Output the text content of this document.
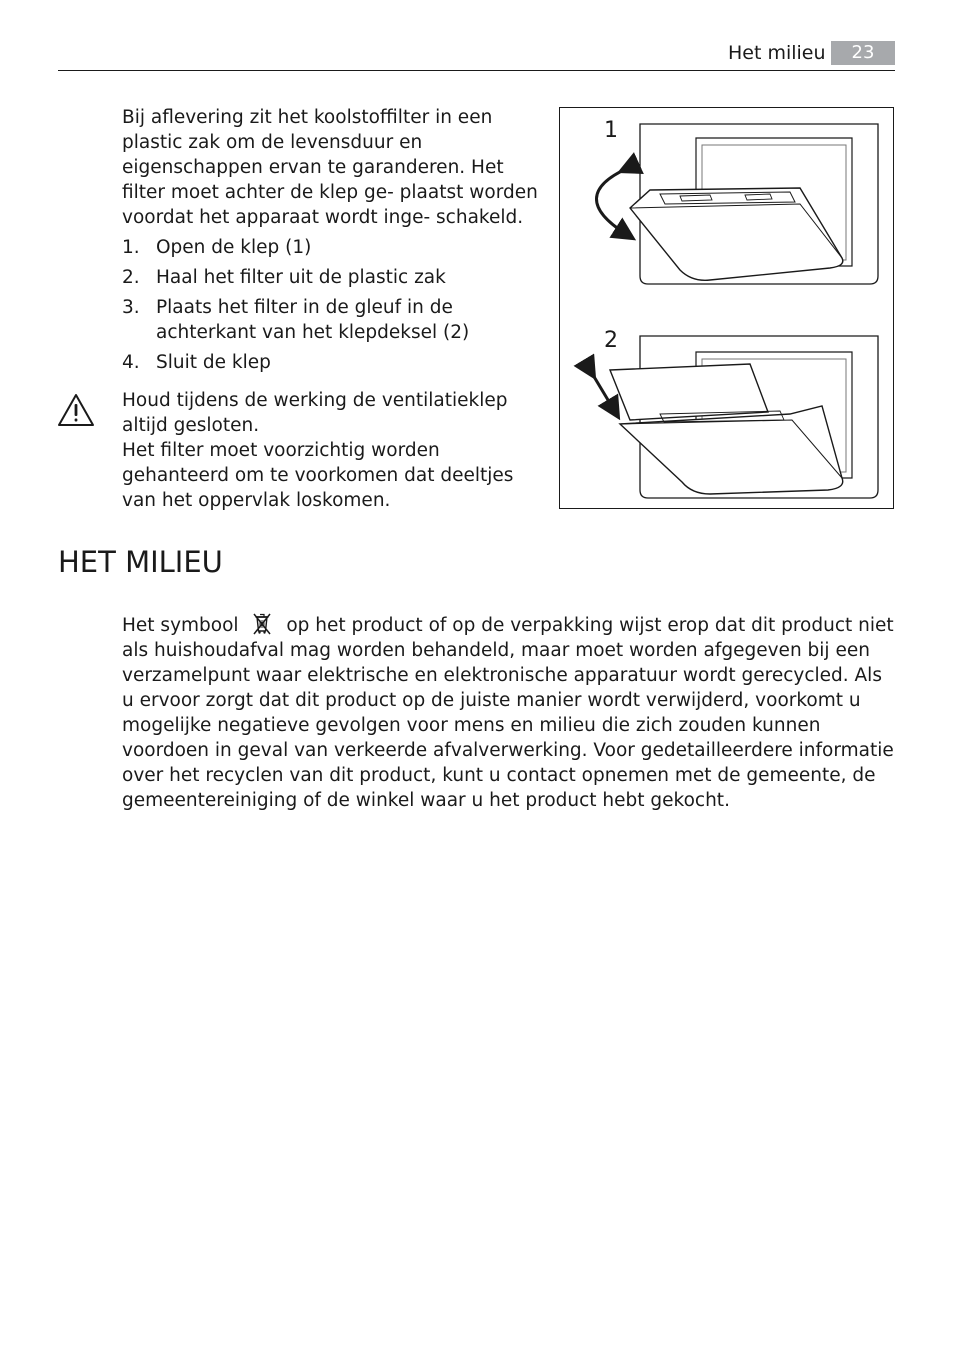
Het milieu	23

Bij aflevering zit het koolstoffilter in een plastic zak om de levensduur en eigenschappen ervan te garanderen. Het filter moet achter de klep ge- plaatst worden voordat het apparaat wordt inge- schakeld.

1. Open de klep (1)
2. Haal het filter uit de plastic zak
3. Plaats het filter in de gleuf in de achterkant van het klepdeksel (2)
4. Sluit de klep
Houd tijdens de werking de ventilatieklep altijd gesloten.
Het filter moet voorzichtig worden gehanteerd om te voorkomen dat deeltjes van het oppervlak loskomen.
1
2
HET MILIEU

Het symbool	op het product of op de verpakking wijst erop dat dit product niet als huishoudafval mag worden behandeld, maar moet worden afgegeven bij een verzamelpunt waar elektrische en elektronische apparatuur wordt gerecycled. Als u ervoor zorgt dat dit product op de juiste manier wordt verwijderd, voorkomt u mogelijke negatieve gevolgen voor mens en milieu die zich zouden kunnen voordoen in geval van verkeerde afvalverwerking. Voor gedetailleerdere informatie over het recyclen van dit product, kunt u contact opnemen met de gemeente, de gemeentereiniging of de winkel waar u het product hebt gekocht.
